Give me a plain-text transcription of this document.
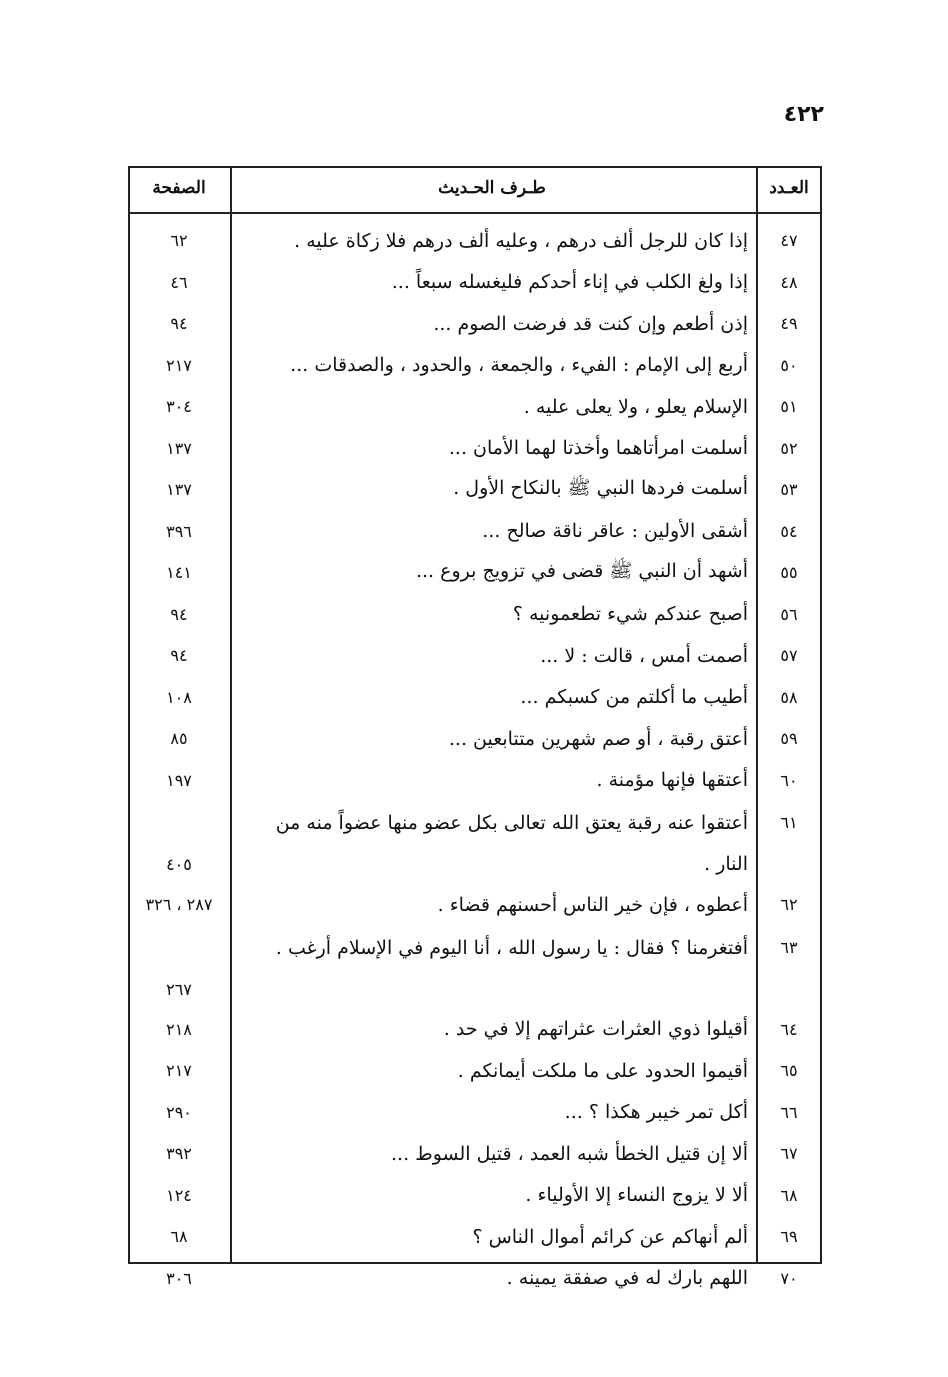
٤٢٢
العـدد
طـرف الحـديث
الصفحة
٤٧
إذا كان للرجل ألف درهم ، وعليه ألف درهم فلا زكاة عليه .
٦٢
٤٨
إذا ولغ الكلب في إناء أحدكم فليغسله سبعاً ...
٤٦
٤٩
إذن أطعم وإن كنت قد فرضت الصوم ...
٩٤
٥٠
أربع إلى الإمام : الفيء ، والجمعة ، والحدود ، والصدقات ...
٢١٧
٥١
الإسلام يعلو ، ولا يعلى عليه .
٣٠٤
٥٢
أسلمت امرأتاهما وأخذتا لهما الأمان ...
١٣٧
٥٣
أسلمت فردها النبي ﷺ بالنكاح الأول .
١٣٧
٥٤
أشقى الأولين : عاقر ناقة صالح ...
٣٩٦
٥٥
أشهد أن النبي ﷺ قضى في تزويج بروع ...
١٤١
٥٦
أصبح عندكم شيء تطعمونيه ؟
٩٤
٥٧
أصمت أمس ، قالت : لا ...
٩٤
٥٨
أطيب ما أكلتم من كسبكم ...
١٠٨
٥٩
أعتق رقبة ، أو صم شهرين متتابعين ...
٨٥
٦٠
أعتقها فإنها مؤمنة .
١٩٧
٦١
أعتقوا عنه رقبة يعتق الله تعالى بكل عضو منها عضواً منه من النار .
٤٠٥
٦٢
أعطوه ، فإن خير الناس أحسنهم قضاء .
٢٨٧ ، ٣٢٦
٦٣
أفتغرمنا ؟ فقال : يا رسول الله ، أنا اليوم في الإسلام أرغب .
٢٦٧
٦٤
أقيلوا ذوي العثرات عثراتهم إلا في حد .
٢١٨
٦٥
أقيموا الحدود على ما ملكت أيمانكم .
٢١٧
٦٦
أكل تمر خيبر هكذا ؟ ...
٢٩٠
٦٧
ألا إن قتيل الخطأ شبه العمد ، قتيل السوط ...
٣٩٢
٦٨
ألا لا يزوج النساء إلا الأولياء .
١٢٤
٦٩
ألم أنهاكم عن كرائم أموال الناس ؟
٦٨
٧٠
اللهم بارك له في صفقة يمينه .
٣٠٦
